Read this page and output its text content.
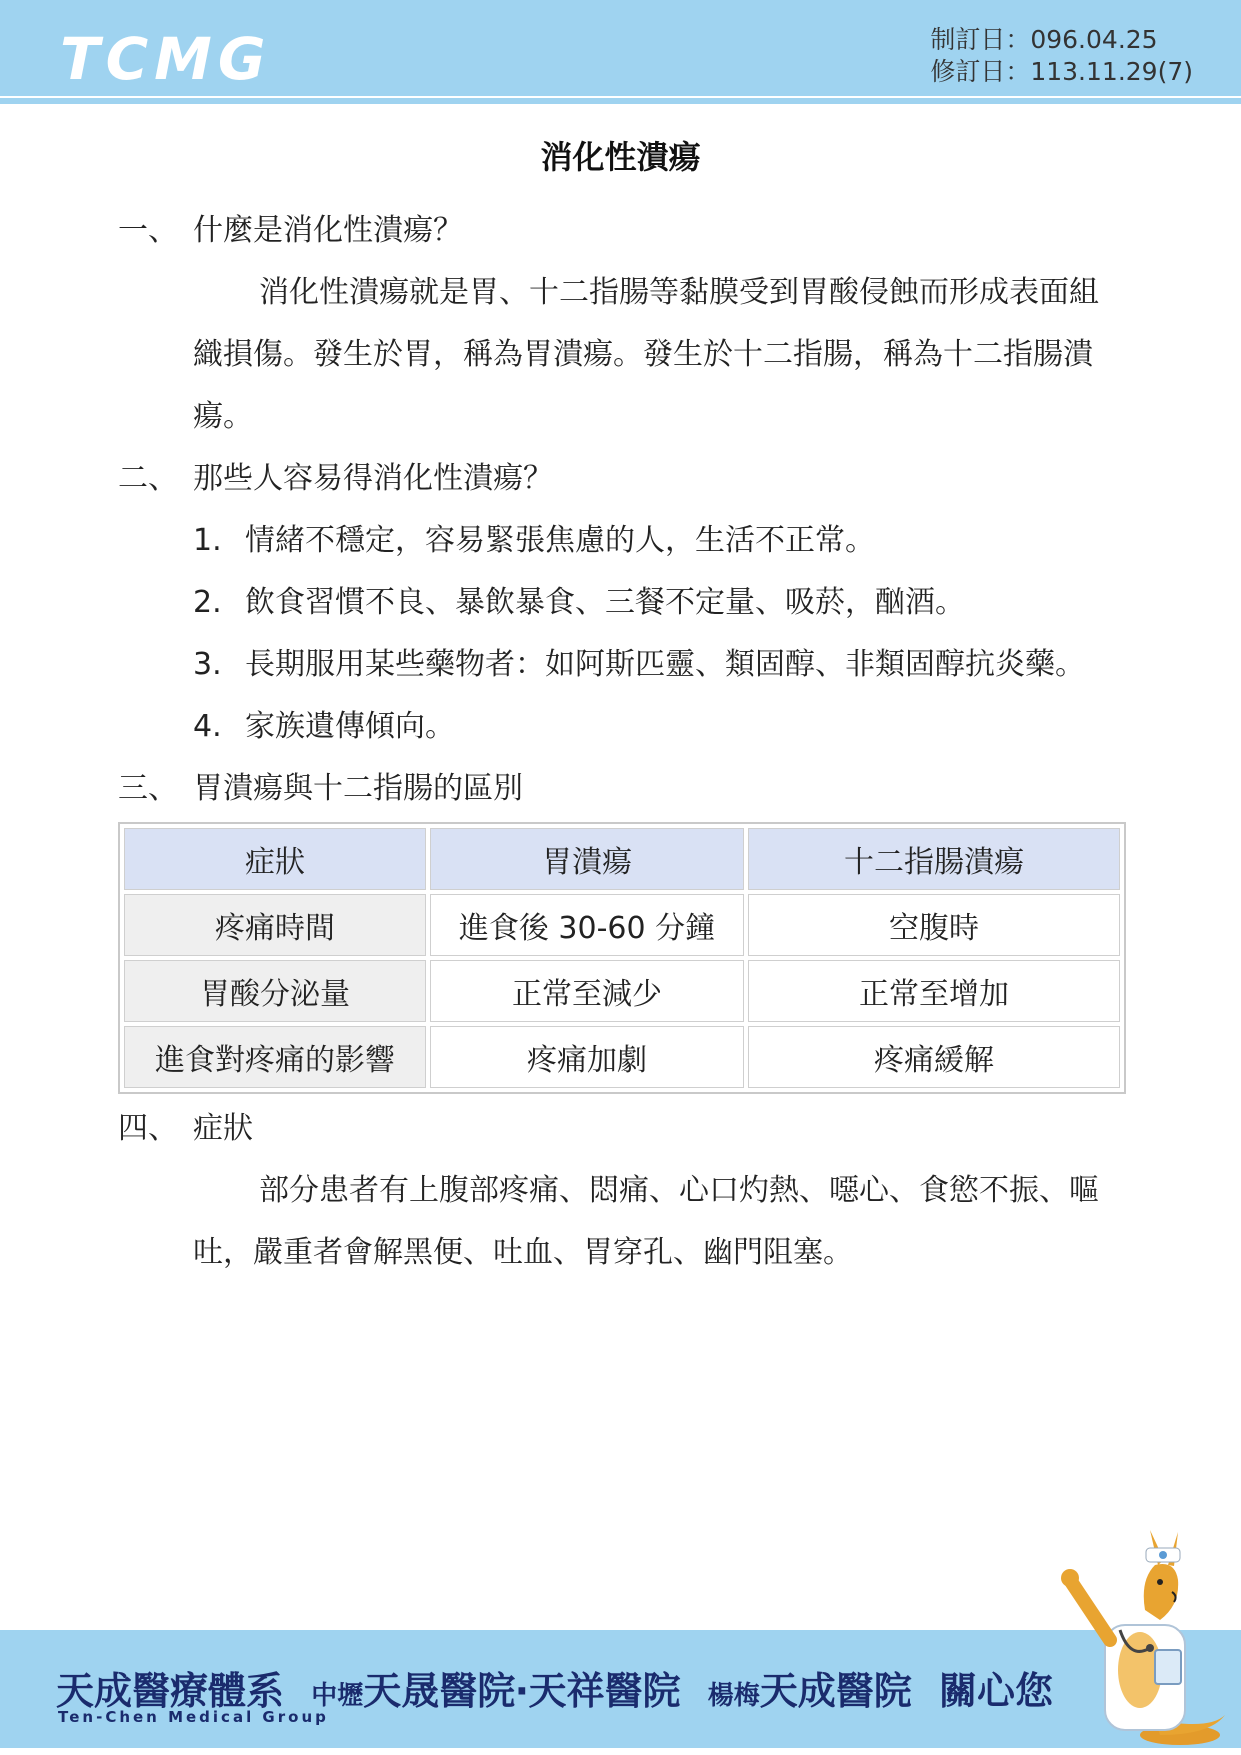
TCMG	制訂日：096.04.25
修訂日：113.11.29(7)
消化性潰瘍
一、 什麼是消化性潰瘍？
消化性潰瘍就是胃、十二指腸等黏膜受到胃酸侵蝕而形成表面組織損傷。發生於胃，稱為胃潰瘍。發生於十二指腸，稱為十二指腸潰瘍。
二、 那些人容易得消化性潰瘍？
1. 情緒不穩定，容易緊張焦慮的人，生活不正常。
2. 飲食習慣不良、暴飲暴食、三餐不定量、吸菸，酗酒。
3. 長期服用某些藥物者：如阿斯匹靈、類固醇、非類固醇抗炎藥。
4. 家族遺傳傾向。
三、 胃潰瘍與十二指腸的區別
症狀	胃潰瘍	十二指腸潰瘍
疼痛時間	進食後 30-60 分鐘	空腹時
胃酸分泌量	正常至減少	正常至增加
進食對疼痛的影響	疼痛加劇	疼痛緩解
四、 症狀
部分患者有上腹部疼痛、悶痛、心口灼熱、噁心、食慾不振、嘔吐，嚴重者會解黑便、吐血、胃穿孔、幽門阻塞。
天成醫療體系 中壢天晟醫院‧天祥醫院 楊梅天成醫院 關心您
Ten-Chen Medical Group
